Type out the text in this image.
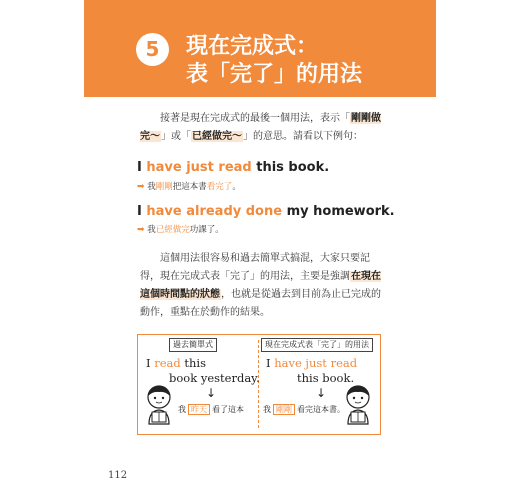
5	現在完成式：
表「完了」的用法
接著是現在完成式的最後一個用法，表示「剛剛做完～」或「已經做完～」的意思。請看以下例句：
I have just read this book.
➡ 我剛剛把這本書看完了。
I have already done my homework.
➡ 我已經做完功課了。
這個用法很容易和過去簡單式搞混，大家只要記得，現在完成式表「完了」的用法，主要是強調在現在這個時間點的狀態，也就是從過去到目前為止已完成的動作，重點在於動作的結果。
過去簡單式
I read this
book yesterday.
↓
我 昨天 看了這本
現在完成式表「完了」的用法
I have just read
this book.
↓
我 剛剛 看完這本書。
112
